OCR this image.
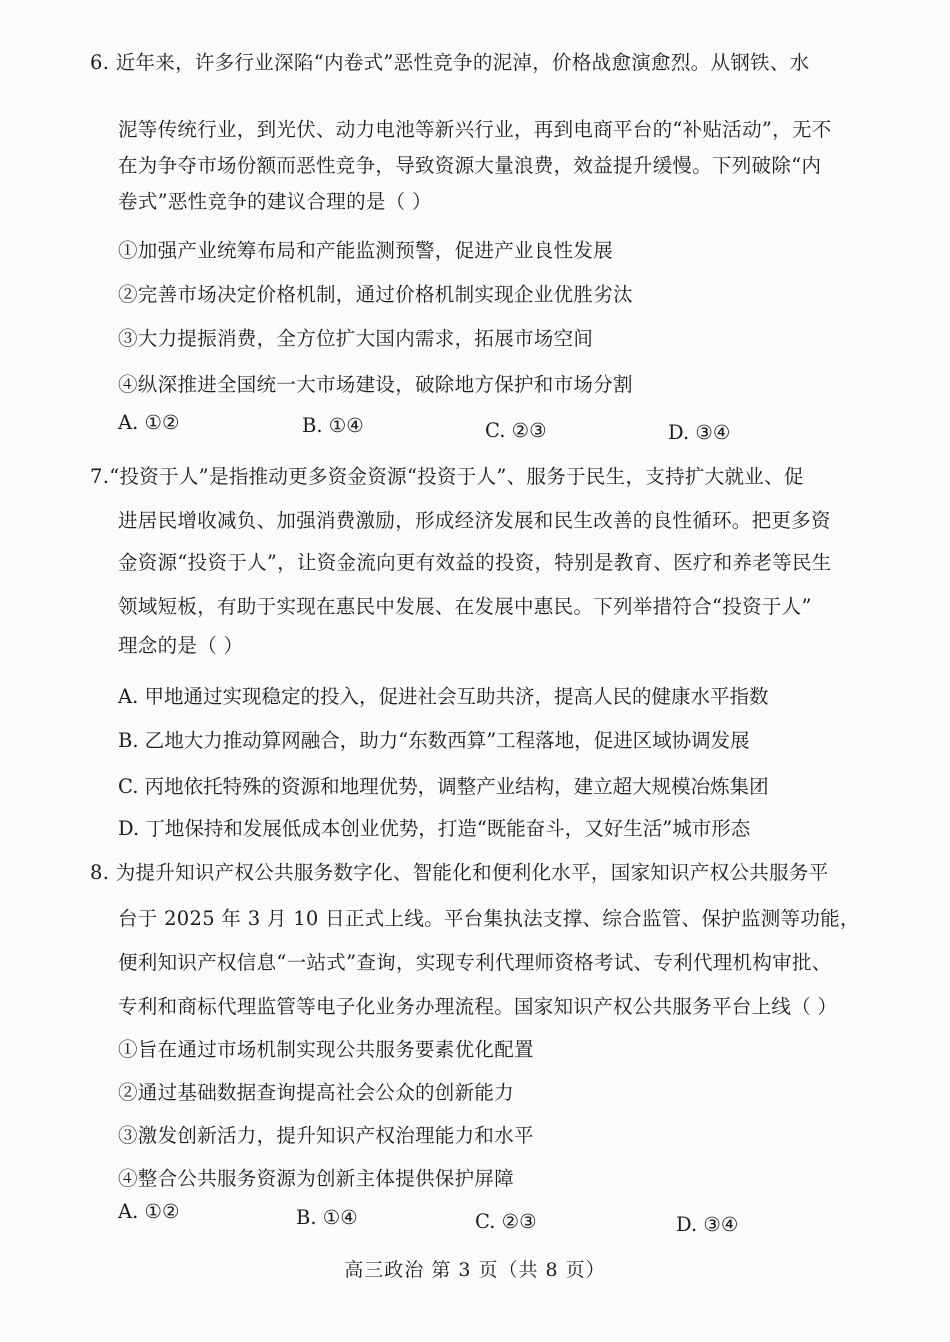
6. 近年来，许多行业深陷“内卷式”恶性竞争的泥淖，价格战愈演愈烈。从钢铁、水
泥等传统行业，到光伏、动力电池等新兴行业，再到电商平台的“补贴活动”，无不
在为争夺市场份额而恶性竞争，导致资源大量浪费，效益提升缓慢。下列破除“内
卷式”恶性竞争的建议合理的是（ ）
①加强产业统筹布局和产能监测预警，促进产业良性发展
②完善市场决定价格机制，通过价格机制实现企业优胜劣汰
③大力提振消费，全方位扩大国内需求，拓展市场空间
④纵深推进全国统一大市场建设，破除地方保护和市场分割
A. ①②	B. ①④	C. ②③	D. ③④
7.“投资于人”是指推动更多资金资源“投资于人”、服务于民生，支持扩大就业、促
进居民增收减负、加强消费激励，形成经济发展和民生改善的良性循环。把更多资
金资源“投资于人”，让资金流向更有效益的投资，特别是教育、医疗和养老等民生
领域短板，有助于实现在惠民中发展、在发展中惠民。下列举措符合“投资于人”
理念的是（ ）
A. 甲地通过实现稳定的投入，促进社会互助共济，提高人民的健康水平指数
B. 乙地大力推动算网融合，助力“东数西算”工程落地，促进区域协调发展
C. 丙地依托特殊的资源和地理优势，调整产业结构，建立超大规模冶炼集团
D. 丁地保持和发展低成本创业优势，打造“既能奋斗，又好生活”城市形态
8. 为提升知识产权公共服务数字化、智能化和便利化水平，国家知识产权公共服务平
台于 2025 年 3 月 10 日正式上线。平台集执法支撑、综合监管、保护监测等功能，
便利知识产权信息“一站式”查询，实现专利代理师资格考试、专利代理机构审批、
专利和商标代理监管等电子化业务办理流程。国家知识产权公共服务平台上线（ ）
①旨在通过市场机制实现公共服务要素优化配置
②通过基础数据查询提高社会公众的创新能力
③激发创新活力，提升知识产权治理能力和水平
④整合公共服务资源为创新主体提供保护屏障
A. ①②	B. ①④	C. ②③	D. ③④
高三政治 第 3 页（共 8 页）
